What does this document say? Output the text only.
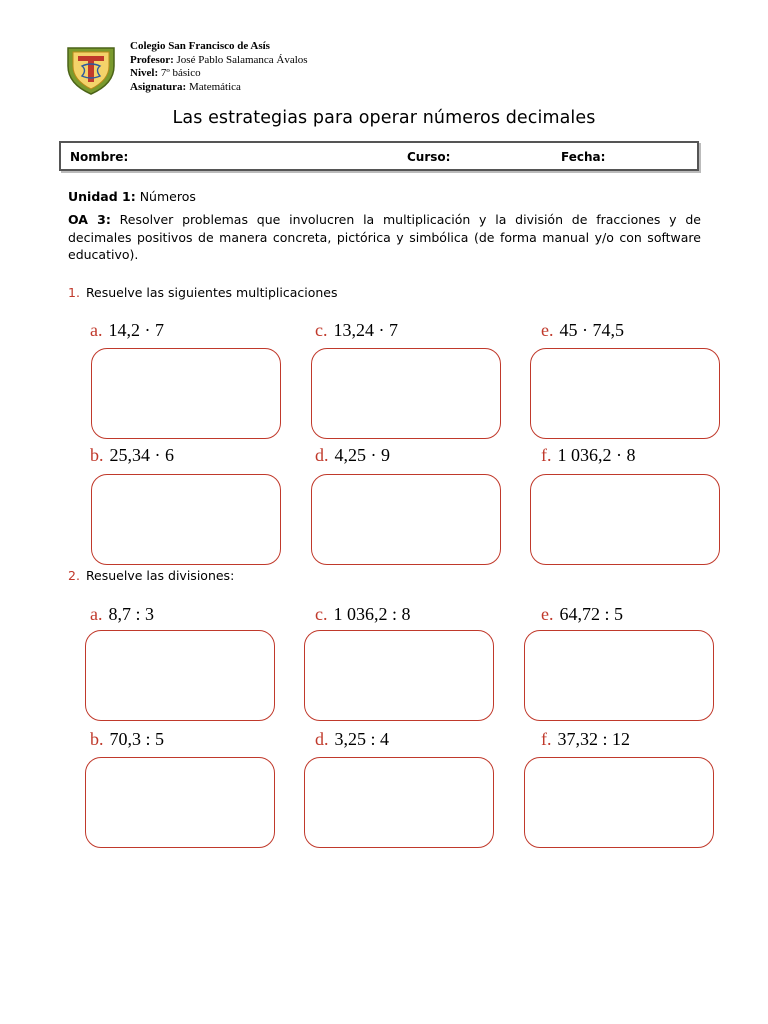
Colegio San Francisco de Asís
Profesor: José Pablo Salamanca Ávalos
Nivel: 7º básico
Asignatura: Matemática
Las estrategias para operar números decimales
Nombre:	Curso:	Fecha:
Unidad 1: Números
OA 3: Resolver problemas que involucren la multiplicación y la división de fracciones y de decimales positivos de manera concreta, pictórica y simbólica (de forma manual y/o con software educativo).
1. Resuelve las siguientes multiplicaciones
a. 14,2 · 7	c. 13,24 · 7	e. 45 · 74,5
b. 25,34 · 6	d. 4,25 · 9	f. 1 036,2 · 8
2. Resuelve las divisiones:
a. 8,7 : 3	c. 1 036,2 : 8	e. 64,72 : 5
b. 70,3 : 5	d. 3,25 : 4	f. 37,32 : 12
